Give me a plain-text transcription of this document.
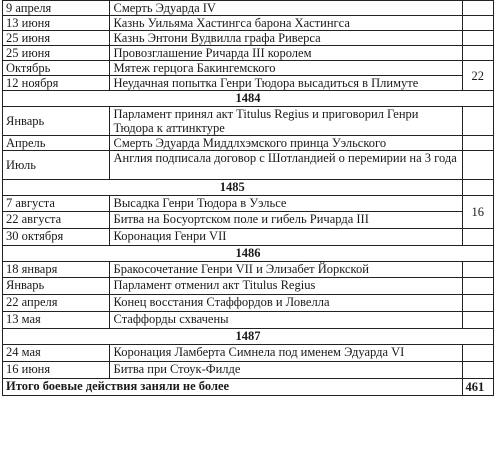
9 апреля	Смерть Эдуарда IV	
13 июня	Казнь Уильяма Хастингса барона Хастингса	
25 июня	Казнь Энтони Вудвилла графа Риверса	
25 июня	Провозглашение Ричарда III королем	
Октябрь	Мятеж герцога Бакингемского	22
12 ноября	Неудачная попытка Генри Тюдора высадиться в Плимуте	
1484		
Январь	Парламент принял акт Titulus Regius и приговорил Генри Тюдора к аттинктуре	
Апрель	Смерть Эдуарда Миддлхэмского принца Уэльского	
Июль	Англия подписала договор с Шотландией о перемирии на 3 года	
1485		
7 августа	Высадка Генри Тюдора в Уэльсе	16
22 августа	Битва на Босуортском поле и гибель Ричарда III	
30 октября	Коронация Генри VII	
1486		
18 января	Бракосочетание Генри VII и Элизабет Йоркской	
Январь	Парламент отменил акт Titulus Regius	
22 апреля	Конец восстания Стаффордов и Ловелла	
13 мая	Стаффорды схвачены	
1487		
24 мая	Коронация Ламберта Симнела под именем Эдуарда VI	
16 июня	Битва при Стоук-Филде	
Итого боевые действия заняли не более		461
